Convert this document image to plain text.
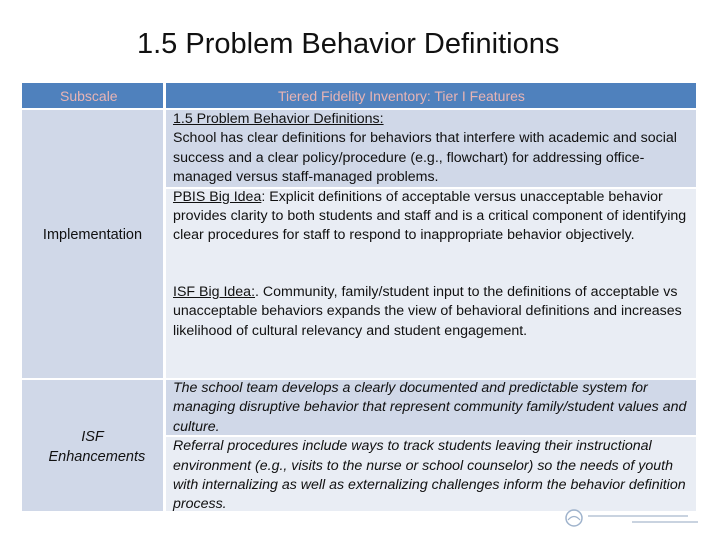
1.5 Problem Behavior Definitions
Subscale	Tiered Fidelity Inventory: Tier I Features
Implementation
1.5 Problem Behavior Definitions:
School has clear definitions for behaviors that interfere with academic and social success and a clear policy/procedure (e.g., flowchart) for addressing office-managed versus staff-managed problems.
PBIS Big Idea: Explicit definitions of acceptable versus unacceptable behavior provides clarity to both students and staff and is a critical component of identifying clear procedures for staff to respond to inappropriate behavior objectively.
ISF Big Idea:. Community, family/student input to the definitions of acceptable vs unacceptable behaviors expands the view of behavioral definitions and increases likelihood of cultural relevancy and student engagement.
ISF Enhancements
The school team develops a clearly documented and predictable system for managing disruptive behavior that represent community family/student values and culture.
Referral procedures include ways to track students leaving their instructional environment (e.g., visits to the nurse or school counselor) so the needs of youth with internalizing as well as externalizing challenges inform the behavior definition process.
